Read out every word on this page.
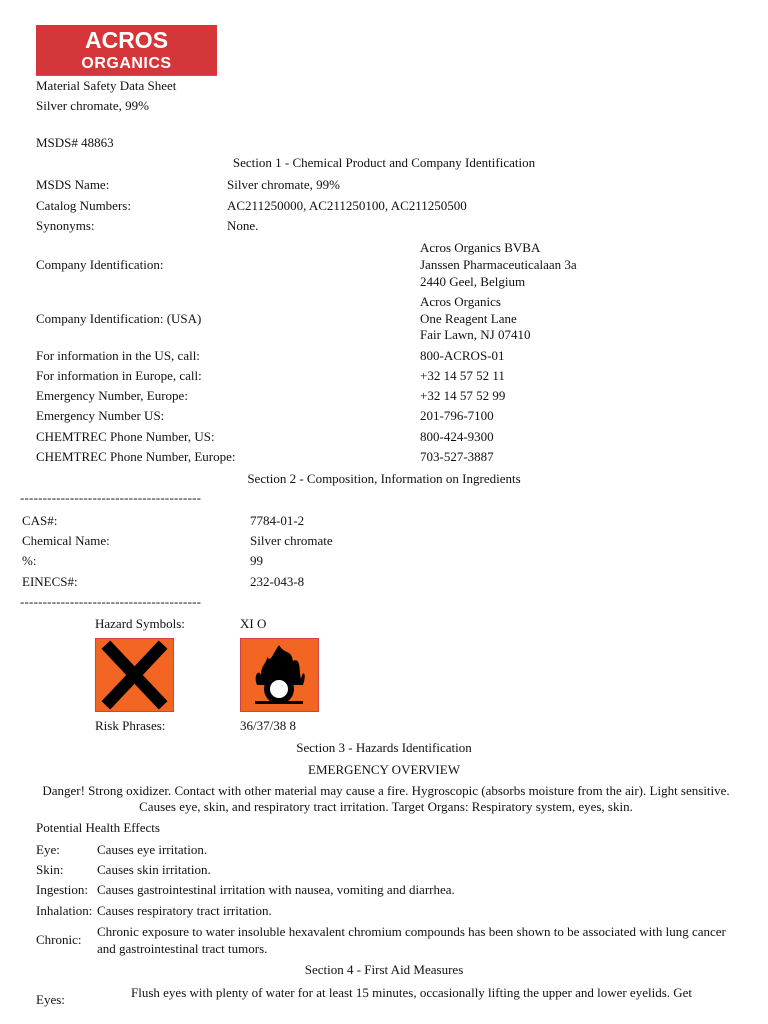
ACROS
ORGANICS
Material Safety Data Sheet
Silver chromate, 99%
MSDS# 48863
Section 1 - Chemical Product and Company Identification
MSDS Name:	Silver chromate, 99%
Catalog Numbers:	AC211250000, AC211250100, AC211250500
Synonyms:	None.
Company Identification:
Acros Organics BVBA
Janssen Pharmaceuticalaan 3a
2440 Geel, Belgium
Company Identification: (USA)
Acros Organics
One Reagent Lane
Fair Lawn, NJ 07410
For information in the US, call:	800-ACROS-01
For information in Europe, call:	+32 14 57 52 11
Emergency Number, Europe:	+32 14 57 52 99
Emergency Number US:	201-796-7100
CHEMTREC Phone Number, US:	800-424-9300
CHEMTREC Phone Number, Europe:	703-527-3887
Section 2 - Composition, Information on Ingredients
----------------------------------------
CAS#:	7784-01-2
Chemical Name:	Silver chromate
%:	99
EINECS#:	232-043-8
----------------------------------------
Hazard Symbols:	XI O
Risk Phrases:	36/37/38 8
Section 3 - Hazards Identification
EMERGENCY OVERVIEW
Danger! Strong oxidizer. Contact with other material may cause a fire. Hygroscopic (absorbs moisture from the air). Light sensitive. Causes eye, skin, and respiratory tract irritation. Target Organs: Respiratory system, eyes, skin.
Potential Health Effects
Eye:	Causes eye irritation.
Skin:	Causes skin irritation.
Ingestion: Causes gastrointestinal irritation with nausea, vomiting and diarrhea.
Inhalation: Causes respiratory tract irritation.
Chronic:
Chronic exposure to water insoluble hexavalent chromium compounds has been shown to be associated with lung cancer and gastrointestinal tract tumors.
Section 4 - First Aid Measures
Eyes:	Flush eyes with plenty of water for at least 15 minutes, occasionally lifting the upper and lower eyelids. Get
